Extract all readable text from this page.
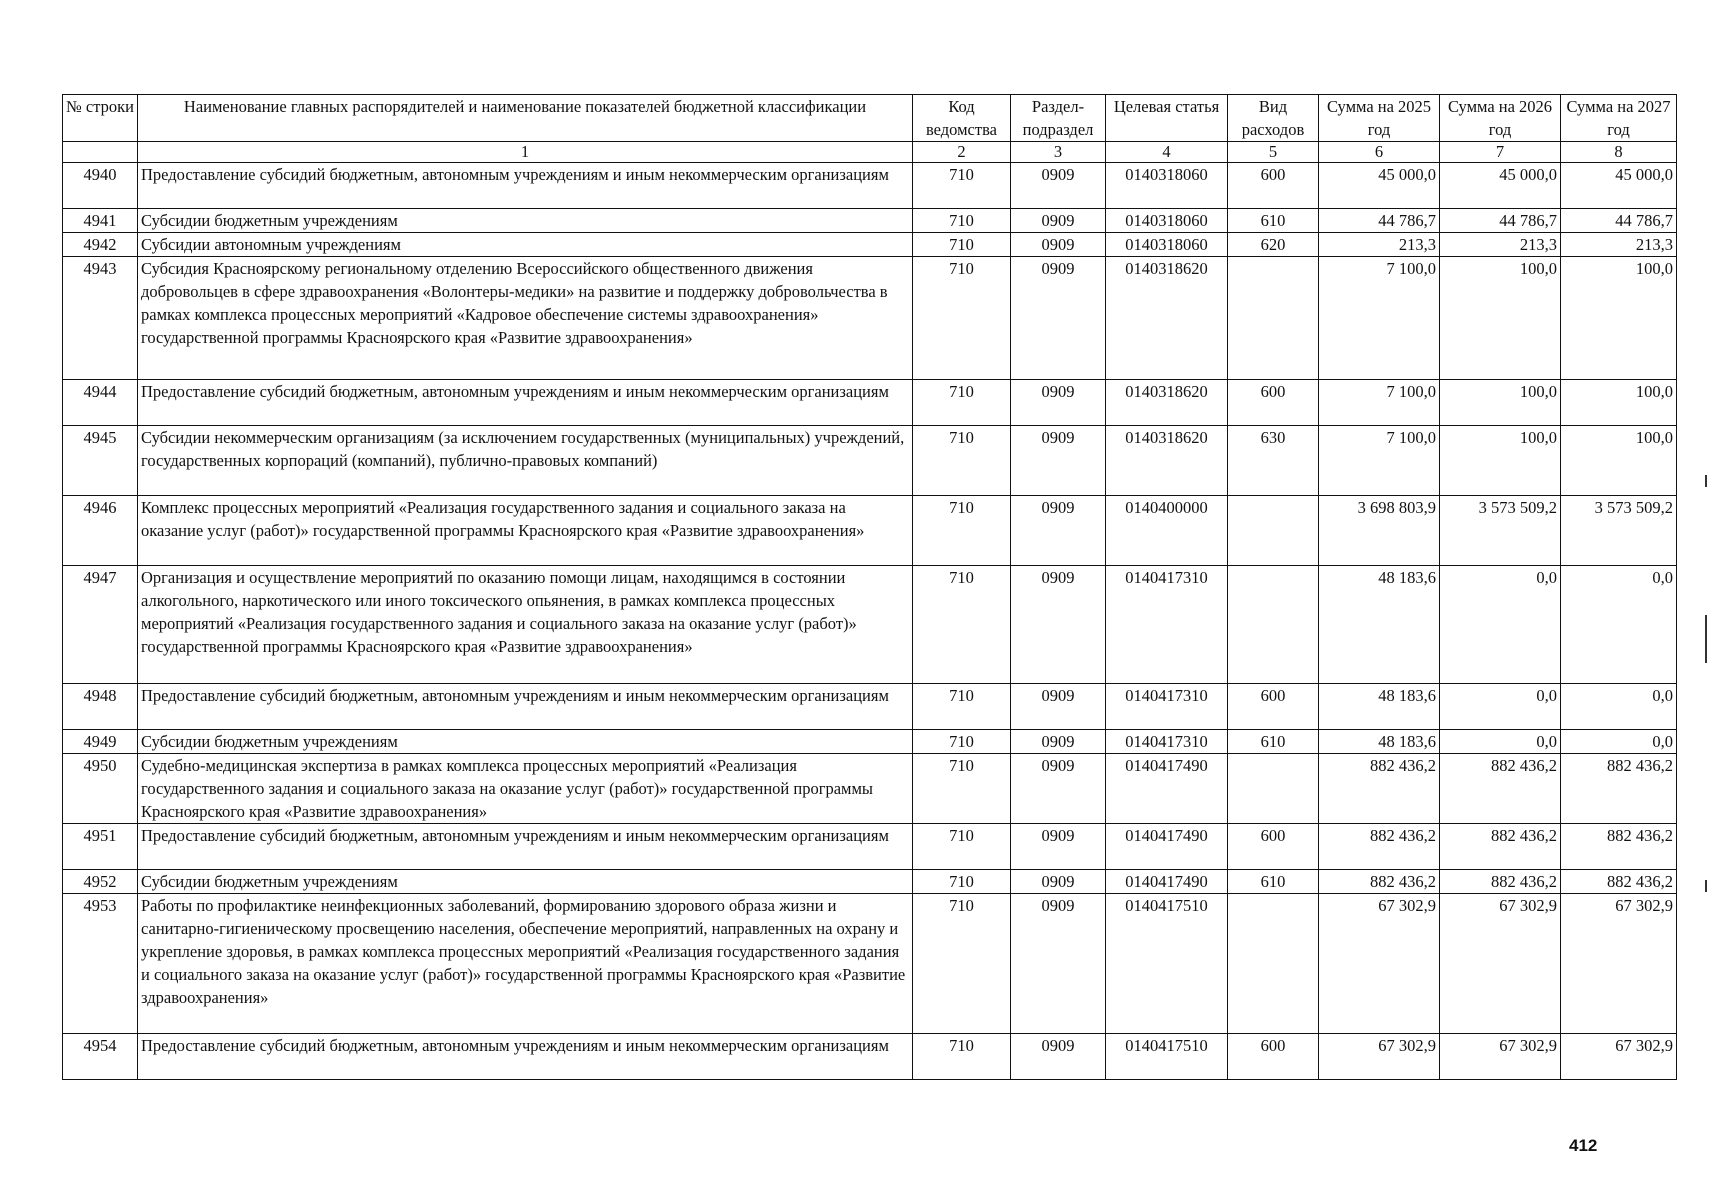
№ строки	Наименование главных распорядителей и наименование показателей бюджетной классификации	Код ведомства	Раздел-подраздел	Целевая статья	Вид расходов	Сумма на 2025 год	Сумма на 2026 год	Сумма на 2027 год
	1	2	3	4	5	6	7	8
4940	Предоставление субсидий бюджетным, автономным учреждениям и иным некоммерческим организациям	710	0909	0140318060	600	45 000,0	45 000,0	45 000,0
4941	Субсидии бюджетным учреждениям	710	0909	0140318060	610	44 786,7	44 786,7	44 786,7
4942	Субсидии автономным учреждениям	710	0909	0140318060	620	213,3	213,3	213,3
4943	Субсидия Красноярскому региональному отделению Всероссийского общественного движения добровольцев в сфере здравоохранения «Волонтеры-медики» на развитие и поддержку добровольчества в рамках комплекса процессных мероприятий «Кадровое обеспечение системы здравоохранения» государственной программы Красноярского края «Развитие здравоохранения»	710	0909	0140318620		7 100,0	100,0	100,0
4944	Предоставление субсидий бюджетным, автономным учреждениям и иным некоммерческим организациям	710	0909	0140318620	600	7 100,0	100,0	100,0
4945	Субсидии некоммерческим организациям (за исключением государственных (муниципальных) учреждений, государственных корпораций (компаний), публично-правовых компаний)	710	0909	0140318620	630	7 100,0	100,0	100,0
4946	Комплекс процессных мероприятий «Реализация государственного задания и социального заказа на оказание услуг (работ)» государственной программы Красноярского края «Развитие здравоохранения»	710	0909	0140400000		3 698 803,9	3 573 509,2	3 573 509,2
4947	Организация и осуществление мероприятий по оказанию помощи лицам, находящимся в состоянии алкогольного, наркотического или иного токсического опьянения, в рамках комплекса процессных мероприятий «Реализация государственного задания и социального заказа на оказание услуг (работ)» государственной программы Красноярского края «Развитие здравоохранения»	710	0909	0140417310		48 183,6	0,0	0,0
4948	Предоставление субсидий бюджетным, автономным учреждениям и иным некоммерческим организациям	710	0909	0140417310	600	48 183,6	0,0	0,0
4949	Субсидии бюджетным учреждениям	710	0909	0140417310	610	48 183,6	0,0	0,0
4950	Судебно-медицинская экспертиза в рамках комплекса процессных мероприятий «Реализация государственного задания и социального заказа на оказание услуг (работ)» государственной программы Красноярского края «Развитие здравоохранения»	710	0909	0140417490		882 436,2	882 436,2	882 436,2
4951	Предоставление субсидий бюджетным, автономным учреждениям и иным некоммерческим организациям	710	0909	0140417490	600	882 436,2	882 436,2	882 436,2
4952	Субсидии бюджетным учреждениям	710	0909	0140417490	610	882 436,2	882 436,2	882 436,2
4953	Работы по профилактике неинфекционных заболеваний, формированию здорового образа жизни и санитарно-гигиеническому просвещению населения, обеспечение мероприятий, направленных на охрану и укрепление здоровья, в рамках комплекса процессных мероприятий «Реализация государственного задания и социального заказа на оказание услуг (работ)» государственной программы Красноярского края «Развитие здравоохранения»	710	0909	0140417510		67 302,9	67 302,9	67 302,9
4954	Предоставление субсидий бюджетным, автономным учреждениям и иным некоммерческим организациям	710	0909	0140417510	600	67 302,9	67 302,9	67 302,9
412
